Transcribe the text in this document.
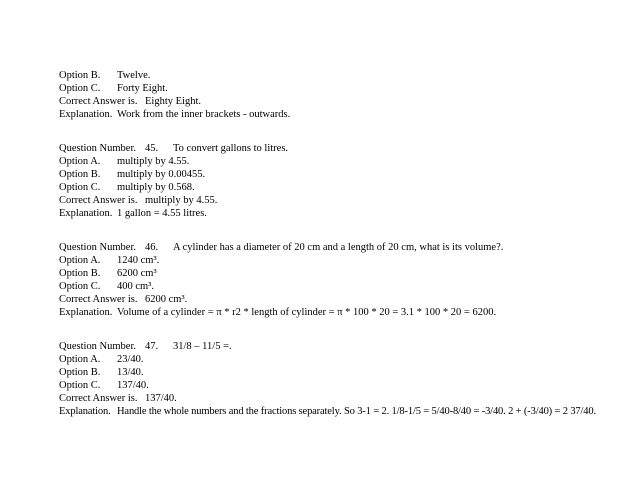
Option B. Twelve.
Option C. Forty Eight.
Correct Answer is. Eighty Eight.
Explanation. Work from the inner brackets - outwards.
Question Number. 45. To convert gallons to litres.
Option A. multiply by 4.55.
Option B. multiply by 0.00455.
Option C. multiply by 0.568.
Correct Answer is. multiply by 4.55.
Explanation. 1 gallon = 4.55 litres.
Question Number. 46. A cylinder has a diameter of 20 cm and a length of 20 cm, what is its volume?.
Option A. 1240 cm³.
Option B. 6200 cm³
Option C. 400 cm³.
Correct Answer is. 6200 cm³.
Explanation. Volume of a cylinder = π * r2 * length of cylinder = π * 100 * 20 = 3.1 * 100 * 20 = 6200.
Question Number. 47. 31/8 – 11/5 =.
Option A. 23/40.
Option B. 13/40.
Option C. 137/40.
Correct Answer is. 137/40.
Explanation. Handle the whole numbers and the fractions separately. So 3-1 = 2. 1/8-1/5 = 5/40-8/40 = -3/40. 2 + (-3/40) = 2 37/40.
